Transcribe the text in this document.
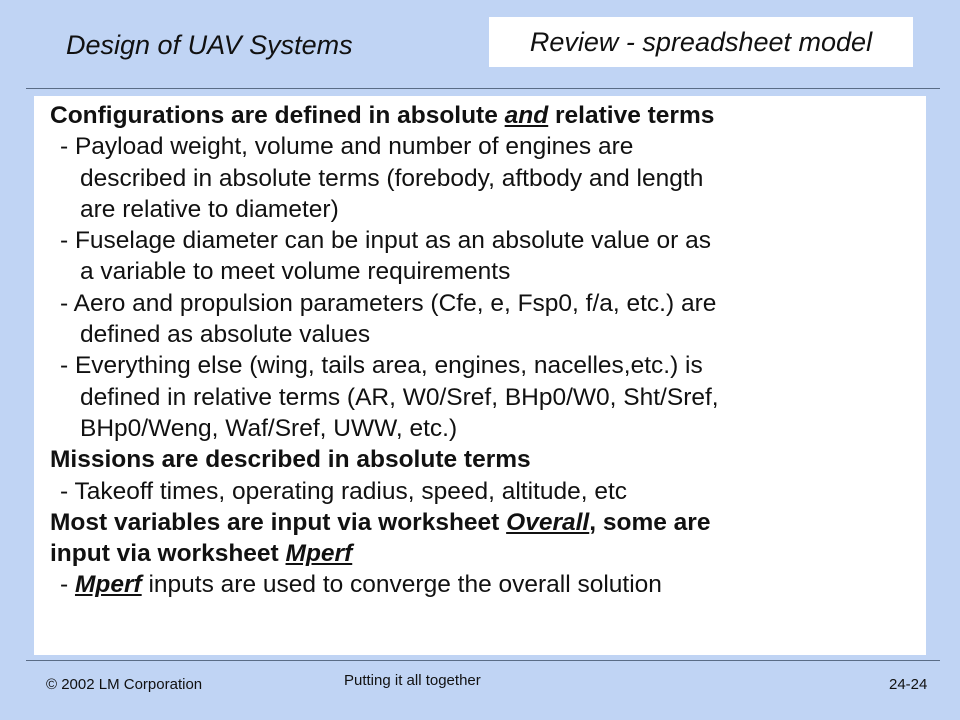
Design of UAV Systems	Review - spreadsheet model
Configurations are defined in absolute and relative terms
- Payload weight, volume and number of engines are
described in absolute terms (forebody, aftbody and length
are relative to diameter)
- Fuselage diameter can be input as an absolute value or as
a variable to meet volume requirements
- Aero and propulsion parameters (Cfe, e, Fsp0, f/a, etc.) are
defined as absolute values
- Everything else (wing, tails area, engines, nacelles,etc.) is
defined in relative terms (AR, W0/Sref, BHp0/W0, Sht/Sref,
BHp0/Weng, Waf/Sref, UWW, etc.)
Missions are described in absolute terms
- Takeoff times, operating radius, speed, altitude, etc
Most variables are input via worksheet Overall, some are
input via worksheet Mperf
- Mperf inputs are used to converge the overall solution
© 2002 LM Corporation	Putting it all together	24-24
